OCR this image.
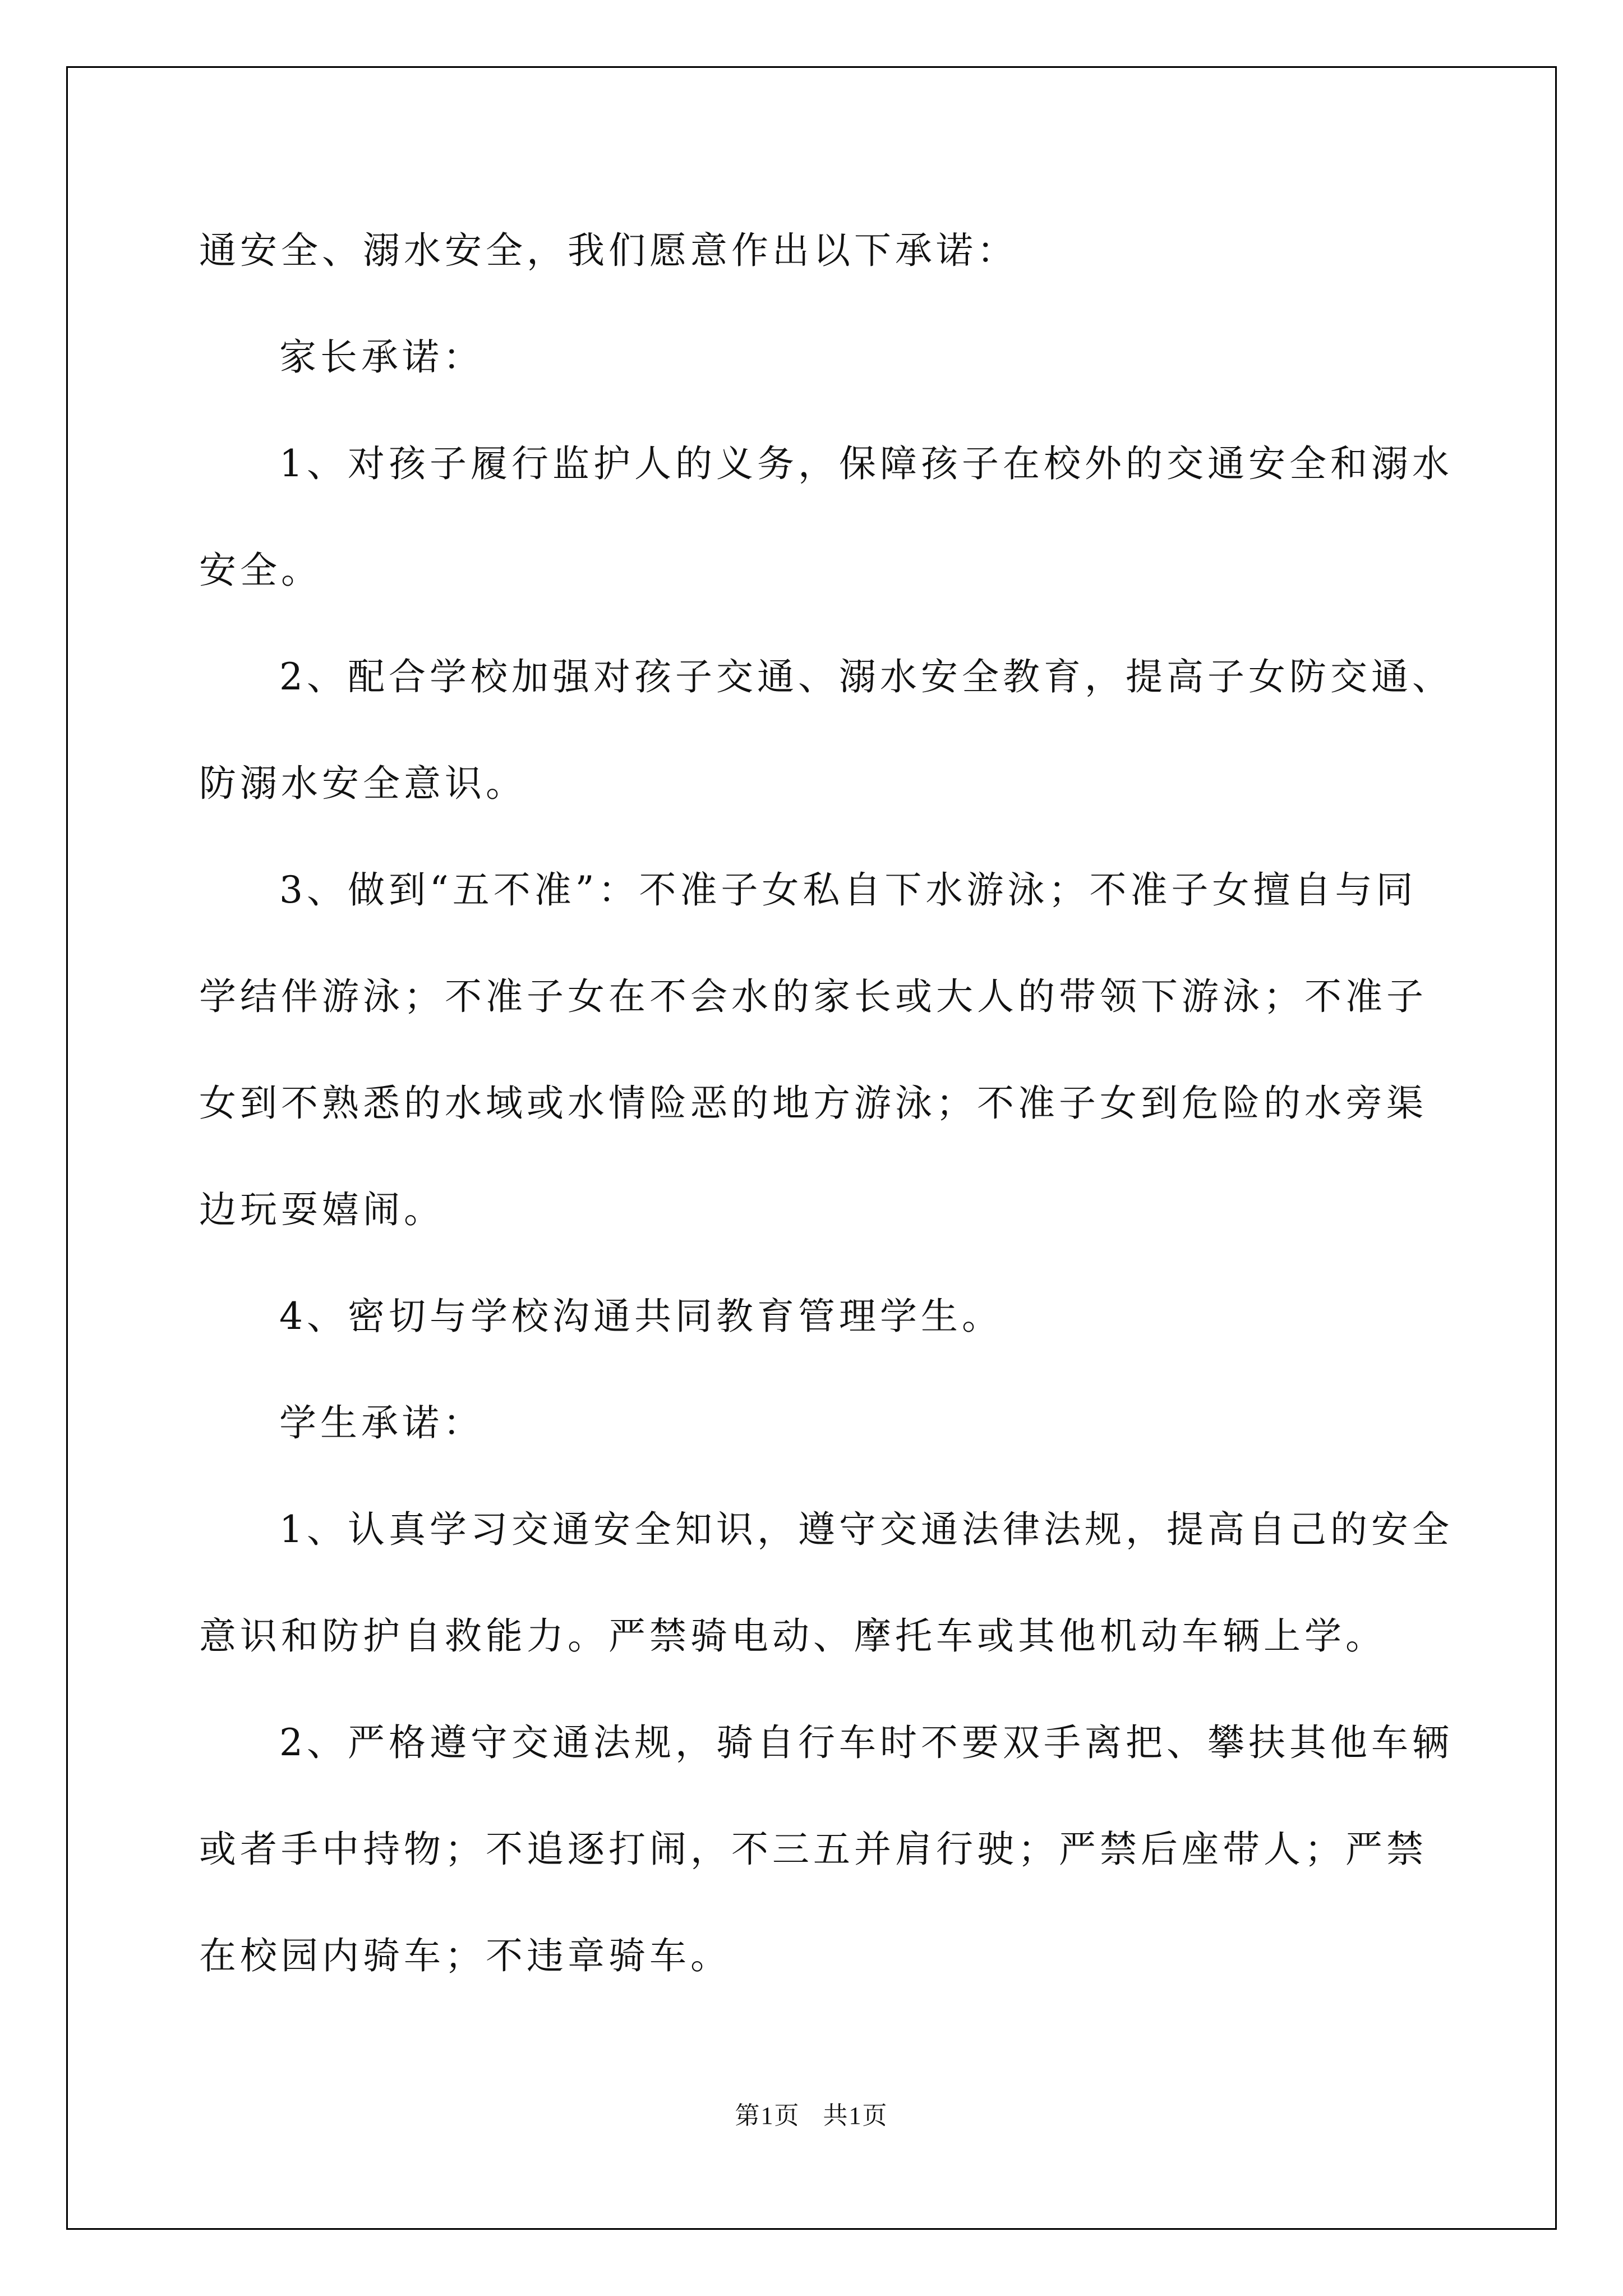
通安全、溺水安全，我们愿意作出以下承诺：
家长承诺：
1、对孩子履行监护人的义务，保障孩子在校外的交通安全和溺水
安全。
2、配合学校加强对孩子交通、溺水安全教育，提高子女防交通、
防溺水安全意识。
3、做到“五不准”：不准子女私自下水游泳；不准子女擅自与同
学结伴游泳；不准子女在不会水的家长或大人的带领下游泳；不准子
女到不熟悉的水域或水情险恶的地方游泳；不准子女到危险的水旁渠
边玩耍嬉闹。
4、密切与学校沟通共同教育管理学生。
学生承诺：
1、认真学习交通安全知识，遵守交通法律法规，提高自己的安全
意识和防护自救能力。严禁骑电动、摩托车或其他机动车辆上学。
2、严格遵守交通法规，骑自行车时不要双手离把、攀扶其他车辆
或者手中持物；不追逐打闹，不三五并肩行驶；严禁后座带人；严禁
在校园内骑车；不违章骑车。
第1页 共1页
